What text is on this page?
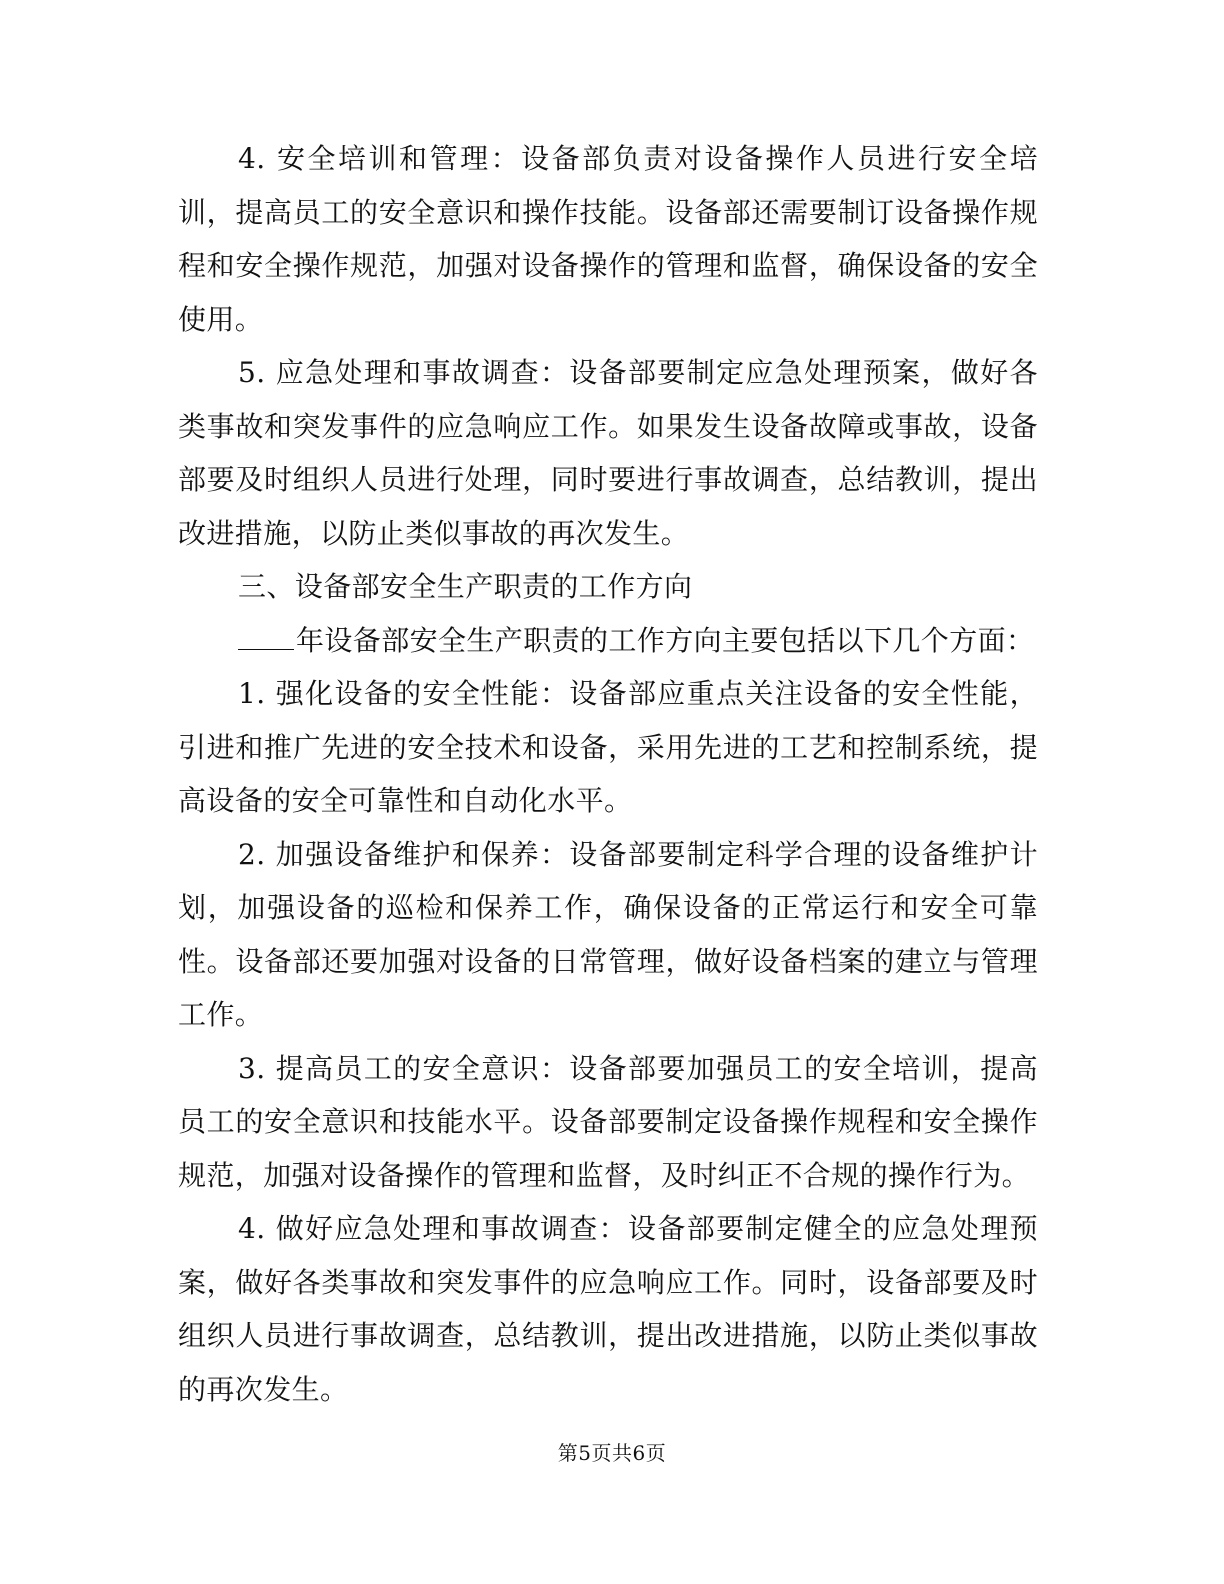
4. 安全培训和管理：设备部负责对设备操作人员进行安全培训，提高员工的安全意识和操作技能。设备部还需要制订设备操作规程和安全操作规范，加强对设备操作的管理和监督，确保设备的安全使用。

5. 应急处理和事故调查：设备部要制定应急处理预案，做好各类事故和突发事件的应急响应工作。如果发生设备故障或事故，设备部要及时组织人员进行处理，同时要进行事故调查，总结教训，提出改进措施，以防止类似事故的再次发生。

三、设备部安全生产职责的工作方向

年设备部安全生产职责的工作方向主要包括以下几个方面：

1. 强化设备的安全性能：设备部应重点关注设备的安全性能，引进和推广先进的安全技术和设备，采用先进的工艺和控制系统，提高设备的安全可靠性和自动化水平。

2. 加强设备维护和保养：设备部要制定科学合理的设备维护计划，加强设备的巡检和保养工作，确保设备的正常运行和安全可靠性。设备部还要加强对设备的日常管理，做好设备档案的建立与管理工作。

3. 提高员工的安全意识：设备部要加强员工的安全培训，提高员工的安全意识和技能水平。设备部要制定设备操作规程和安全操作规范，加强对设备操作的管理和监督，及时纠正不合规的操作行为。

4. 做好应急处理和事故调查：设备部要制定健全的应急处理预案，做好各类事故和突发事件的应急响应工作。同时，设备部要及时组织人员进行事故调查，总结教训，提出改进措施，以防止类似事故的再次发生。

第5页共6页
